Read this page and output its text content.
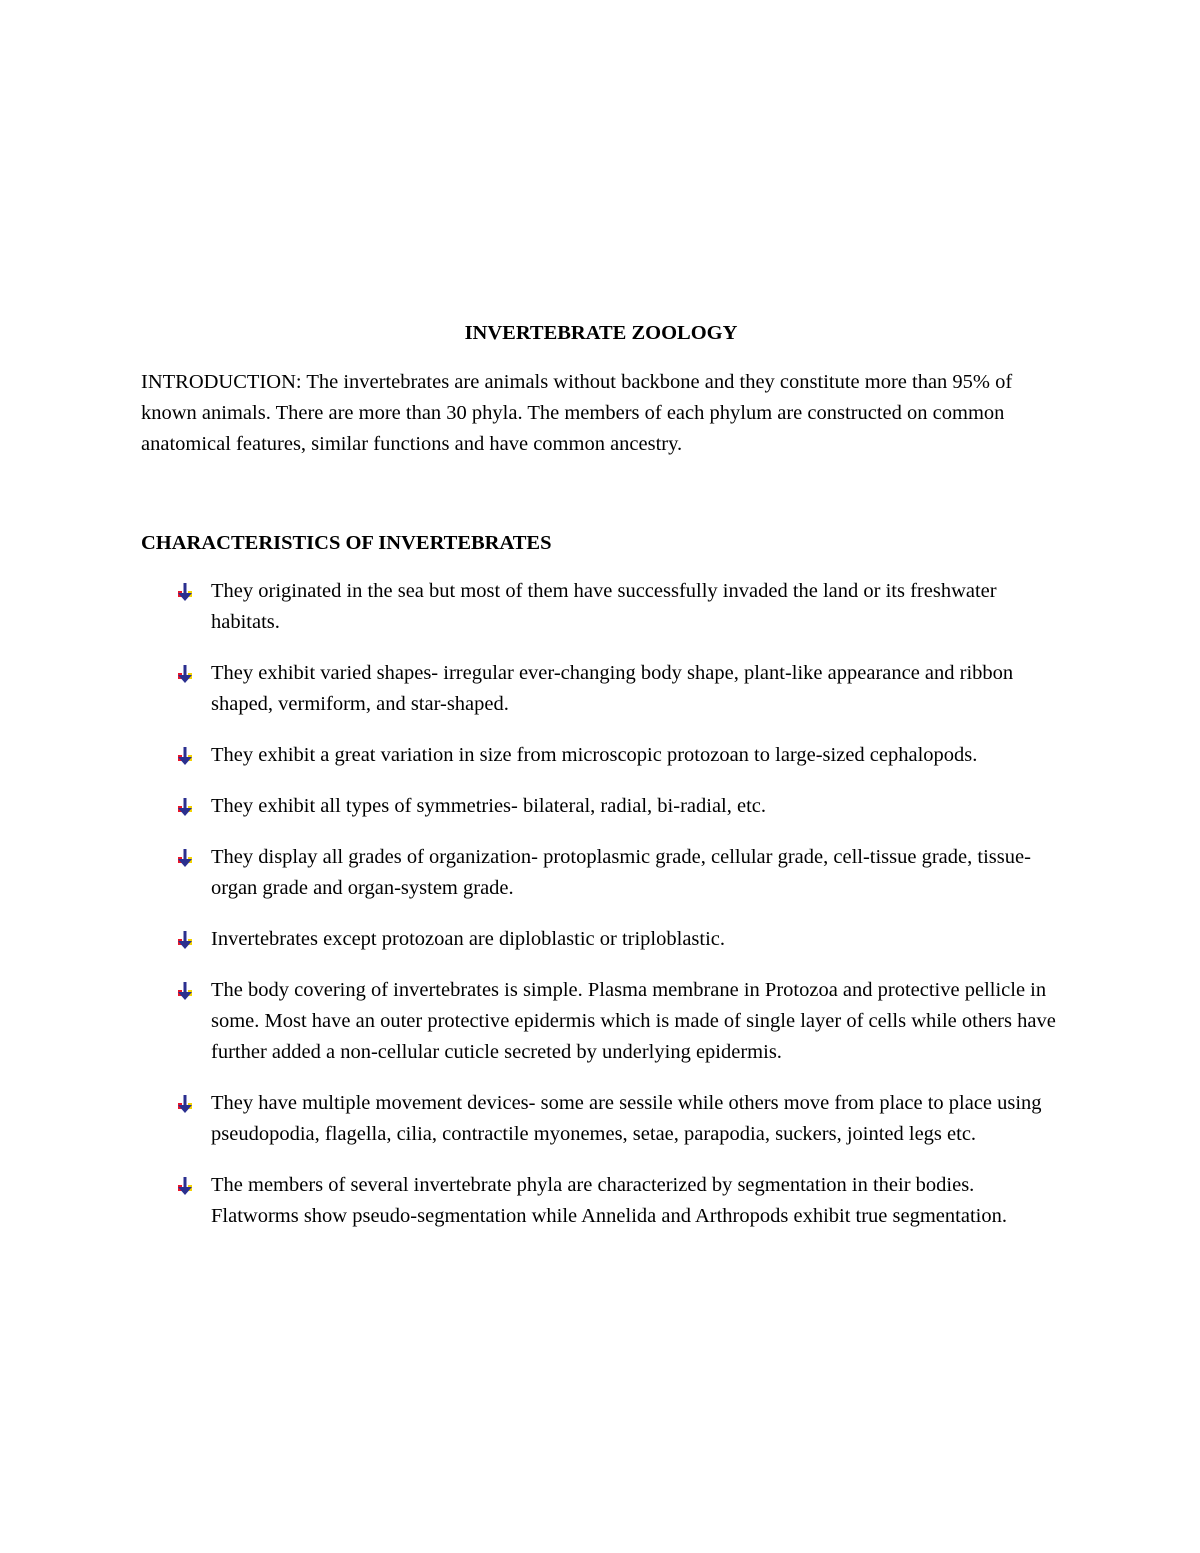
INVERTEBRATE ZOOLOGY

INTRODUCTION: The invertebrates are animals without backbone and they constitute more than 95% of known animals. There are more than 30 phyla. The members of each phylum are constructed on common anatomical features, similar functions and have common ancestry.

CHARACTERISTICS OF INVERTEBRATES
They originated in the sea but most of them have successfully invaded the land or its freshwater habitats.
They exhibit varied shapes- irregular ever-changing body shape, plant-like appearance and ribbon shaped, vermiform, and star-shaped.
They exhibit a great variation in size from microscopic protozoan to large-sized cephalopods.
They exhibit all types of symmetries- bilateral, radial, bi-radial, etc.
They display all grades of organization- protoplasmic grade, cellular grade, cell-tissue grade, tissue-organ grade and organ-system grade.
Invertebrates except protozoan are diploblastic or triploblastic.
The body covering of invertebrates is simple. Plasma membrane in Protozoa and protective pellicle in some. Most have an outer protective epidermis which is made of single layer of cells while others have further added a non-cellular cuticle secreted by underlying epidermis.
They have multiple movement devices- some are sessile while others move from place to place using pseudopodia, flagella, cilia, contractile myonemes, setae, parapodia, suckers, jointed legs etc.
The members of several invertebrate phyla are characterized by segmentation in their bodies. Flatworms show pseudo-segmentation while Annelida and Arthropods exhibit true segmentation.
